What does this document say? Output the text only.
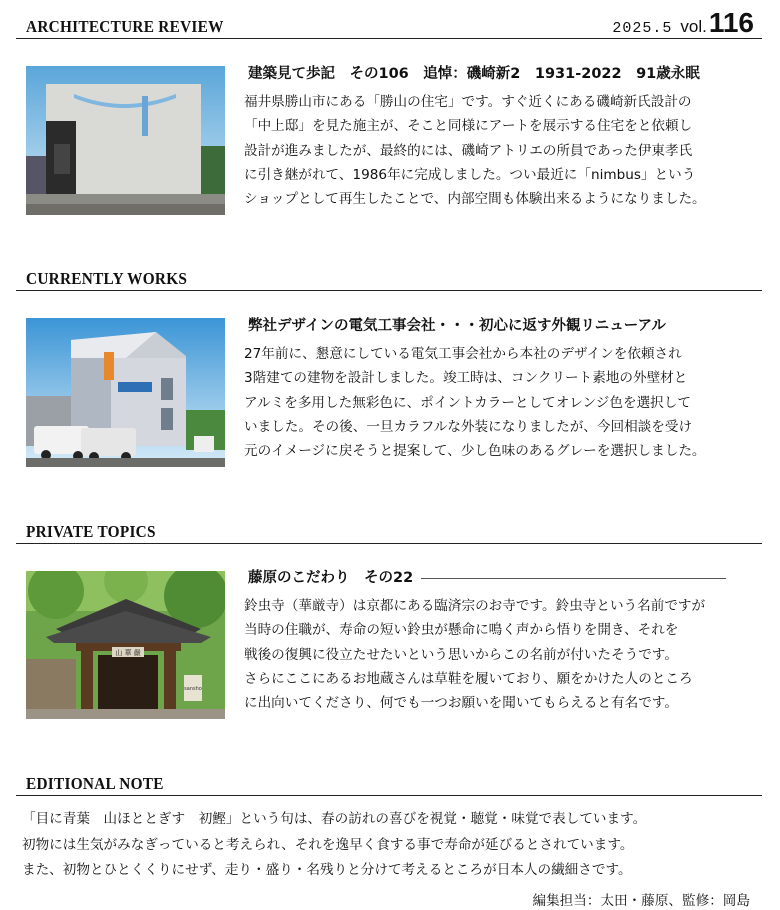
ARCHITECTURE REVIEW	2025.5 vol.116
建築見て歩記　その106　追悼：磯崎新2　1931-2022　91歳永眠

福井県勝山市にある「勝山の住宅」です。すぐ近くにある磯崎新氏設計の
「中上邸」を見た施主が、そこと同様にアートを展示する住宅をと依頼し
設計が進みましたが、最終的には、磯崎アトリエの所員であった伊東孝氏
に引き継がれて、1986年に完成しました。つい最近に「nimbus」という
ショップとして再生したことで、内部空間も体験出来るようになりました。

CURRENTLY WORKS
弊社デザインの電気工事会社・・・初心に返す外観リニューアル

27年前に、懇意にしている電気工事会社から本社のデザインを依頼され
3階建ての建物を設計しました。竣工時は、コンクリート素地の外壁材と
アルミを多用した無彩色に、ポイントカラーとしてオレンジ色を選択して
いました。その後、一旦カラフルな外装になりましたが、今回相談を受け
元のイメージに戻そうと提案して、少し色味のあるグレーを選択しました。

PRIVATE TOPICS
山 華 嚴
sansho
藤原のこだわり　その22

鈴虫寺（華厳寺）は京都にある臨済宗のお寺です。鈴虫寺という名前ですが
当時の住職が、寿命の短い鈴虫が懸命に鳴く声から悟りを開き、それを
戦後の復興に役立たせたいという思いからこの名前が付いたそうです。
さらにここにあるお地蔵さんは草鞋を履いており、願をかけた人のところ
に出向いてくださり、何でも一つお願いを聞いてもらえると有名です。

EDITIONAL NOTE
「目に青葉　山ほととぎす　初鰹」という句は、春の訪れの喜びを視覚・聴覚・味覚で表しています。
初物には生気がみなぎっていると考えられ、それを逸早く食する事で寿命が延びるとされています。
また、初物とひとくくりにせず、走り・盛り・名残りと分けて考えるところが日本人の繊細さです。
編集担当：太田・藤原、監修：岡島
